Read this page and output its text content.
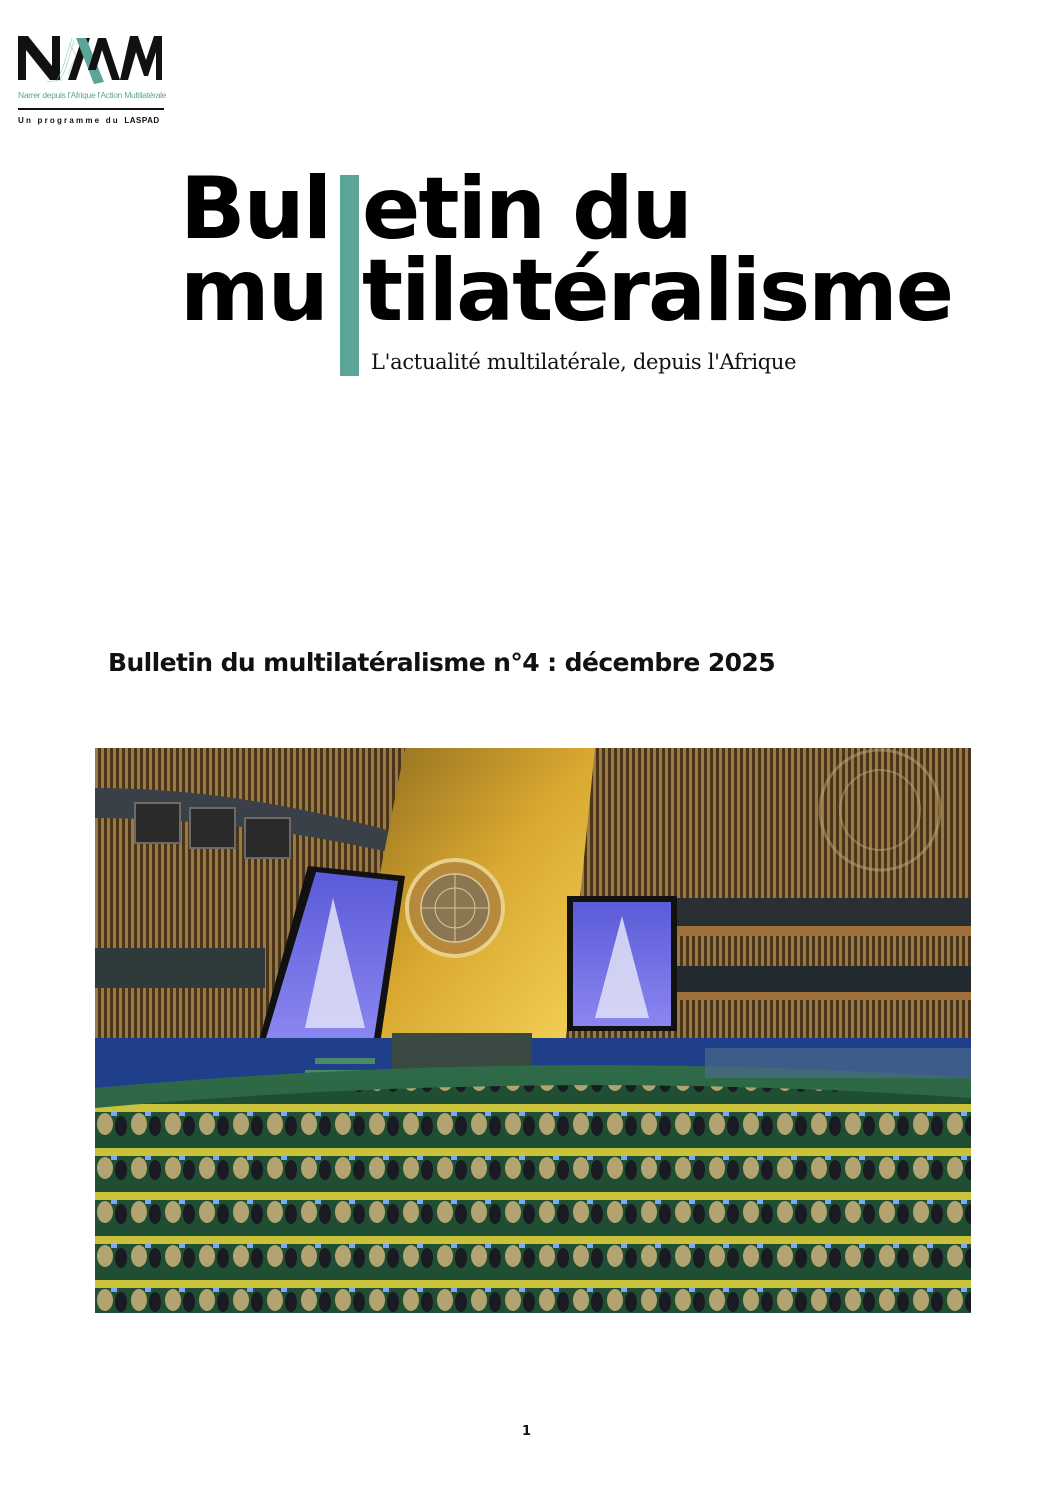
Narrer depuis l'Afrique l'Action Multilatérale
Un programme du LASPAD
Bul etin du
mu tilatéralisme
L'actualité multilatérale, depuis l'Afrique
Bulletin du multilatéralisme n°4 : décembre 2025
1
